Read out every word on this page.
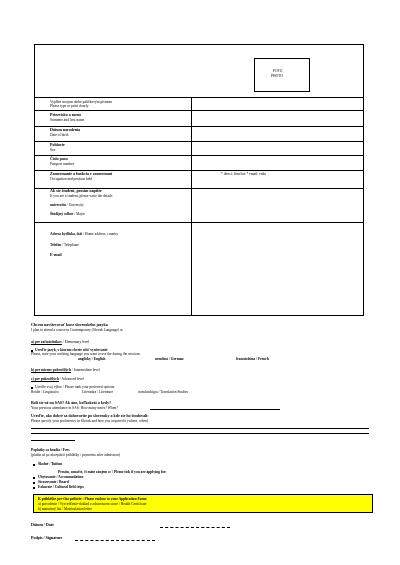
FOTO
PHOTO
Vyplňte strojom alebo paličkovým písmom
Please type or print clearly
Priezvisko a meno
Surname and first name
Dátum narodenia
Date of birth
Pohlavie
Sex
Číslo pasu
Passport number
Zamestnanie a funkcia v zamestnaní
Occupation and position held
* direct: firm/fax * email: vedu
Ak ste študent, prosím napíšte
If you are a student, please write the details
univerzitu / University
Študijný odbor / Major
Adresa bydliska, štát / Home address, country
Telefón / Telephone
E-mail
Chcem navštevovať kurz slovenského jazyka
I plan to attend a course in Contemporary (Slovak Language) at
a) pre začiatočníkov / Elementary level
Uveďte jazyk, v ktorom chcete učiť vyučovanie
Please, state your working language you want to use the during the sessions
anglicky / English	nemčina / German	francúzština / French
b) pre mierne pokročilých / Intermediate level
c) pre pokročilých / Advanced level
Uveďte svoj výber / Please rank your preferred options:
Reálie / Linguistics	Literatúra / Literature	translatológia / Translation Studies
Boli ste už na SAS? Ak áno, koľkokrát a kedy?
Your previous attendance in SAS: How many times? When?
Uveďte, ako dobre sa dohovoríte po slovensky a kde ste ho študovali:
Please specify your proficiency in Slovak and how you acquired it (where, when)
Poplatky sa hradia / Fees
(platba až po akceptácii prihlášky / payments after admission)
Školné / Tuition
Prosím, označte, či máte záujem o: / Please tick if you are applying for:
Ubytovanie / Accommodation
Stravovanie / Board
Exkurzie / Cultural field trips
K prihláške pre-číta priložte : Please enclose to your Application Form:
a) potvrdenie / Vysvedčenie-doklad o zdravotnom stave / Health Certificate
b) maturitný list / Matriculation letter
Dátum / Date
Podpis / Signature
